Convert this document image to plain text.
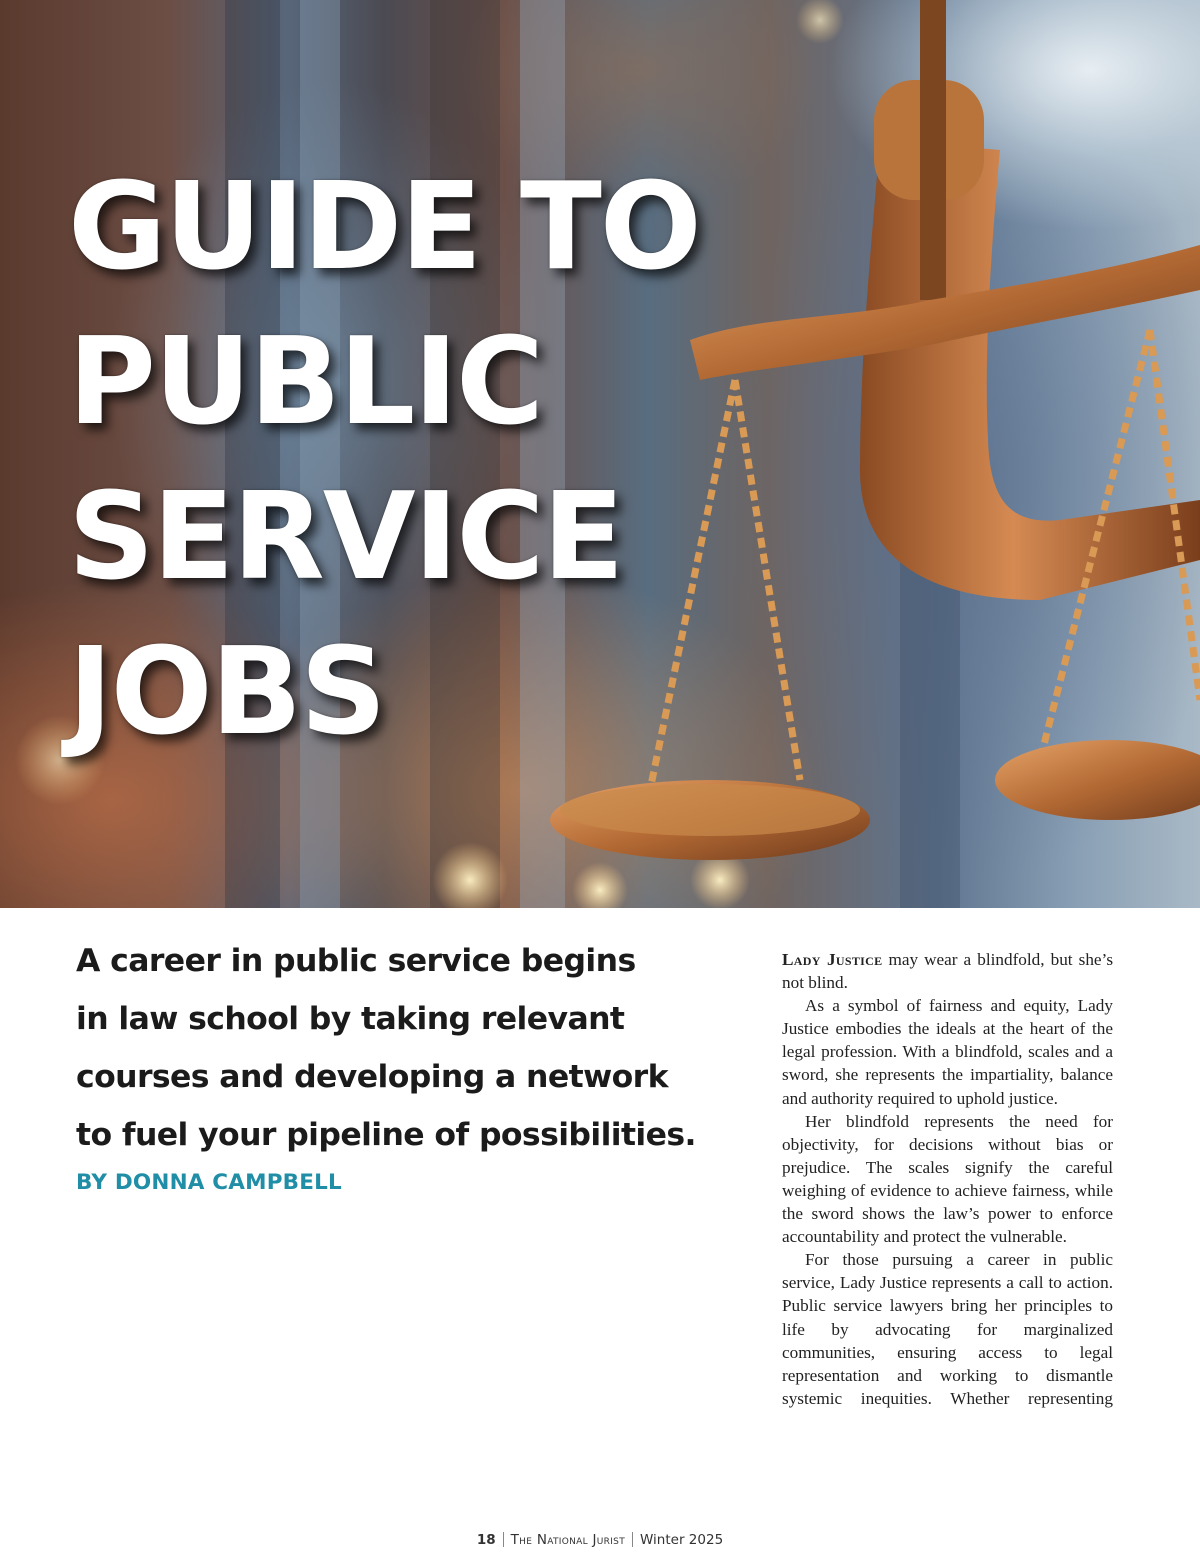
GUIDE TO
PUBLIC
SERVICE
JOBS
A career in public service begins
in law school by taking relevant
courses and developing a network
to fuel your pipeline of possibilities.

BY DONNA CAMPBELL

Lady Justice may wear a blindfold, but she’s not blind.

As a symbol of fairness and equity, Lady Justice embodies the ideals at the heart of the legal profession. With a blindfold, scales and a sword, she represents the impartiality, balance and authority required to uphold justice.

Her blindfold represents the need for objectivity, for decisions without bias or prejudice. The scales signify the careful weighing of evidence to achieve fairness, while the sword shows the law’s power to enforce accountability and protect the vulnerable.

For those pursuing a career in public service, Lady Justice represents a call to action. Public service lawyers bring her principles to life by advocating for marginalized communities, ensuring access to legal representation and working to dismantle systemic inequities. Whether representing

18 The National Jurist Winter 2025
